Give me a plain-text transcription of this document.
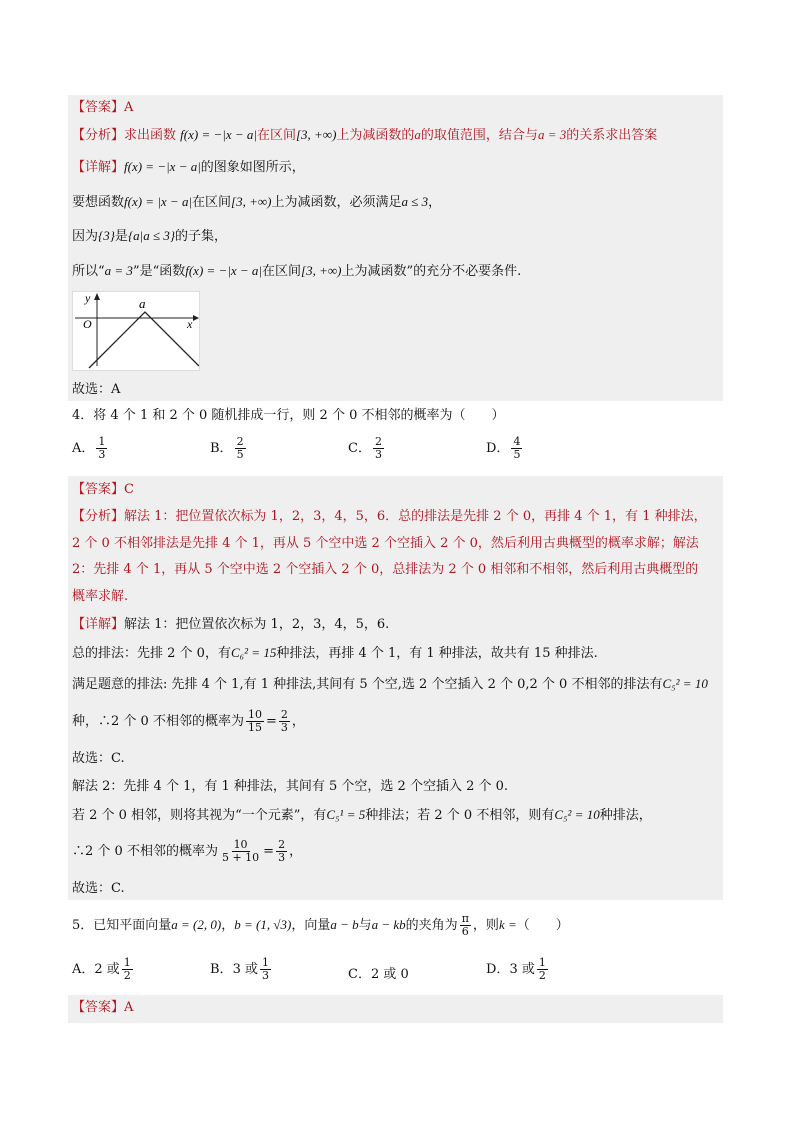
【答案】A
【分析】求出函数 f(x) = −|x − a|在区间[3, +∞)上为减函数的a的取值范围，结合与a = 3的关系求出答案
【详解】f(x) = −|x − a|的图象如图所示，
要想函数f(x) = |x − a|在区间[3, +∞)上为减函数，必须满足a ≤ 3，
因为{3}是{a|a ≤ 3}的子集，
所以“a = 3”是“函数f(x) = −|x − a|在区间[3, +∞)上为减函数”的充分不必要条件.
y	a
O	x
故选：A
4．将 4 个 1 和 2 个 0 随机排成一行，则 2 个 0 不相邻的概率为（　　）
A． $\frac{1}{3}$	B． $\frac{2}{5}$	C． $\frac{2}{3}$	D． $\frac{4}{5}$
【答案】C
【分析】解法 1：把位置依次标为 1，2，3，4，5，6．总的排法是先排 2 个 0，再排 4 个 1，有 1 种排法，
2 个 0 不相邻排法是先排 4 个 1，再从 5 个空中选 2 个空插入 2 个 0，然后利用古典概型的概率求解；解法
2：先排 4 个 1，再从 5 个空中选 2 个空插入 2 个 0，总排法为 2 个 0 相邻和不相邻，然后利用古典概型的
概率求解.
【详解】解法 1：把位置依次标为 1，2，3，4，5，6.
总的排法：先排 2 个 0，有C₆² = 15种排法，再排 4 个 1，有 1 种排法，故共有 15 种排法.
满足题意的排法: 先排 4 个 1,有 1 种排法,其间有 5 个空,选 2 个空插入 2 个 0,2 个 0 不相邻的排法有C₅² = 10
种，∴2 个 0 不相邻的概率为 $\frac{10}{15} = \frac{2}{3}$ ，
故选：C.
解法 2：先排 4 个 1，有 1 种排法，其间有 5 个空，选 2 个空插入 2 个 0.
若 2 个 0 相邻，则将其视为“一个元素”，有C₅¹ = 5种排法；若 2 个 0 不相邻，则有C₅² = 10种排法，
∴2 个 0 不相邻的概率为 $\frac{10}{5 + 10} = \frac{2}{3}$ ，
故选：C.
5．已知平面向量a = (2, 0)，b = (1, √3)，向量a − b与a − kb的夹角为 $\frac{\pi}{6}$ ，则k =（　　）
A．2 或 $\frac{1}{2}$	B．3 或 $\frac{1}{3}$	C．2 或 0	D．3 或 $\frac{1}{2}$
【答案】A
